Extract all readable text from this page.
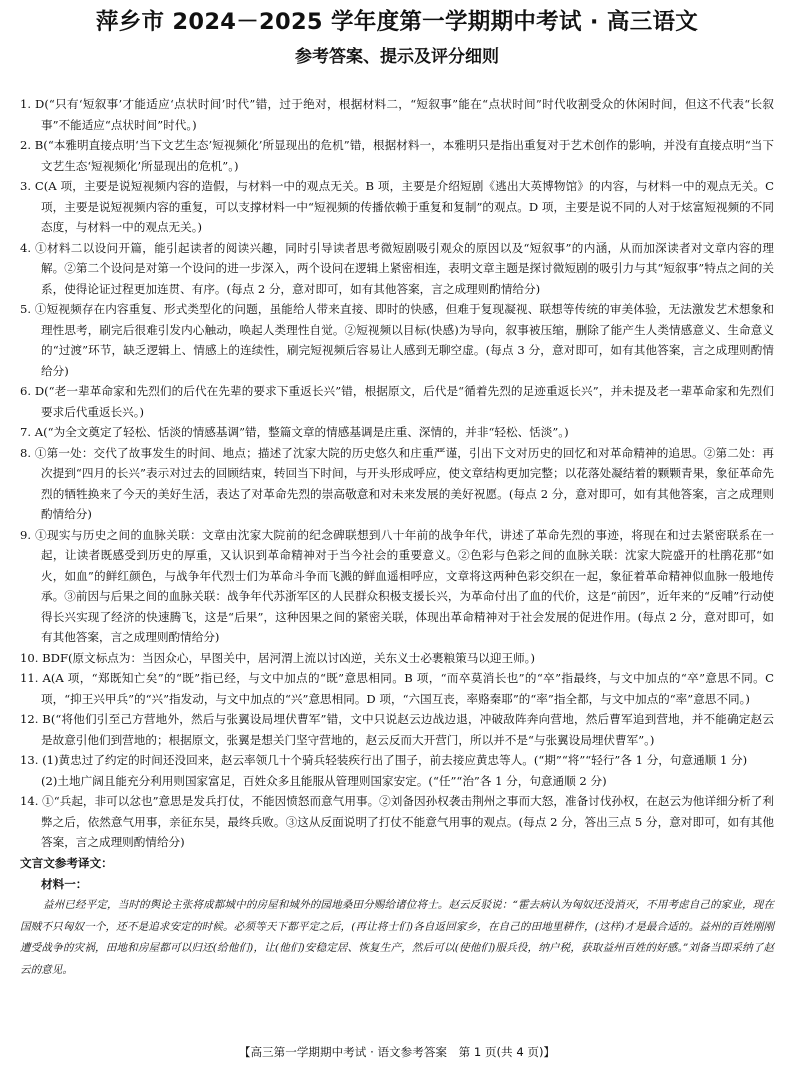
萍乡市 2024－2025 学年度第一学期期中考试 · 高三语文
参考答案、提示及评分细则

1. D(“只有‘短叙事’才能适应‘点状时间’时代”错，过于绝对，根据材料二，“短叙事”能在“点状时间”时代收割受众的休闲时间，但这不代表“长叙事”不能适应“点状时间”时代。)

2. B(“本雅明直接点明‘当下文艺生态’短视频化’所显现出的危机”错，根据材料一，本雅明只是指出重复对于艺术创作的影响，并没有直接点明“当下文艺生态‘短视频化’所显现出的危机”。)

3. C(A 项，主要是说短视频内容的造假，与材料一中的观点无关。B 项，主要是介绍短剧《逃出大英博物馆》的内容，与材料一中的观点无关。C 项，主要是说短视频内容的重复，可以支撑材料一中“短视频的传播依赖于重复和复制”的观点。D 项，主要是说不同的人对于炫富短视频的不同态度，与材料一中的观点无关。)

4. ①材料二以设问开篇，能引起读者的阅读兴趣，同时引导读者思考微短剧吸引观众的原因以及“短叙事”的内涵，从而加深读者对文章内容的理解。②第二个设问是对第一个设问的进一步深入，两个设问在逻辑上紧密相连，表明文章主题是探讨微短剧的吸引力与其“短叙事”特点之间的关系，使得论证过程更加连贯、有序。(每点 2 分，意对即可，如有其他答案，言之成理则酌情给分)

5. ①短视频存在内容重复、形式类型化的问题，虽能给人带来直接、即时的快感，但难于复现凝视、联想等传统的审美体验，无法激发艺术想象和理性思考，刷完后很难引发内心触动，唤起人类理性自觉。②短视频以目标(快感)为导向，叙事被压缩，删除了能产生人类情感意义、生命意义的“过渡”环节，缺乏逻辑上、情感上的连续性，刷完短视频后容易让人感到无聊空虚。(每点 3 分，意对即可，如有其他答案，言之成理则酌情给分)

6. D(“老一辈革命家和先烈们的后代在先辈的要求下重返长兴”错，根据原文，后代是“循着先烈的足迹重返长兴”，并未提及老一辈革命家和先烈们要求后代重返长兴。)

7. A(“为全文奠定了轻松、恬淡的情感基调”错，整篇文章的情感基调是庄重、深情的，并非“轻松、恬淡”。)

8. ①第一处：交代了故事发生的时间、地点；描述了沈家大院的历史悠久和庄重严谨，引出下文对历史的回忆和对革命精神的追思。②第二处：再次提到“四月的长兴”表示对过去的回顾结束，转回当下时间，与开头形成呼应，使文章结构更加完整；以花落处凝结着的颗颗青果，象征革命先烈的牺牲换来了今天的美好生活，表达了对革命先烈的崇高敬意和对未来发展的美好祝愿。(每点 2 分，意对即可，如有其他答案，言之成理则酌情给分)

9. ①现实与历史之间的血脉关联：文章由沈家大院前的纪念碑联想到八十年前的战争年代，讲述了革命先烈的事迹，将现在和过去紧密联系在一起，让读者既感受到历史的厚重，又认识到革命精神对于当今社会的重要意义。②色彩与色彩之间的血脉关联：沈家大院盛开的杜鹃花那“如火，如血”的鲜红颜色，与战争年代烈士们为革命斗争而飞溅的鲜血遥相呼应，文章将这两种色彩交织在一起，象征着革命精神似血脉一般地传承。③前因与后果之间的血脉关联：战争年代苏浙军区的人民群众积极支援长兴，为革命付出了血的代价，这是“前因”，近年来的“反哺”行动使得长兴实现了经济的快速腾飞，这是“后果”，这种因果之间的紧密关联，体现出革命精神对于社会发展的促进作用。(每点 2 分，意对即可，如有其他答案，言之成理则酌情给分)

10. BDF(原文标点为：当因众心，早图关中，居河渭上流以讨凶逆，关东义士必裹粮策马以迎王师。)

11. A(A 项，“郑既知亡矣”的“既”指已经，与文中加点的“既”意思相同。B 项，“而卒莫消长也”的“卒”指最终，与文中加点的“卒”意思不同。C 项，“抑王兴甲兵”的“兴”指发动，与文中加点的“兴”意思相同。D 项，“六国互丧，率赂秦耶”的“率”指全都，与文中加点的“率”意思不同。)

12. B(“将他们引至己方营地外，然后与张翼设局埋伏曹军”错，文中只说赵云边战边退，冲破敌阵奔向营地，然后曹军追到营地，并不能确定赵云是故意引他们到营地的；根据原文，张翼是想关门坚守营地的，赵云反而大开营门，所以并不是“与张翼设局埋伏曹军”。)

13. (1)黄忠过了约定的时间还没回来，赵云率领几十个骑兵轻装疾行出了围子，前去接应黄忠等人。(“期”“将”“轻行”各 1 分，句意通顺 1 分)

(2)土地广阔且能充分利用则国家富足，百姓众多且能服从管理则国家安定。(“任”“治”各 1 分，句意通顺 2 分)

14. ①“兵起，非可以忿也”意思是发兵打仗，不能因愤怒而意气用事。②刘备因孙权袭击荆州之事而大怒，准备讨伐孙权，在赵云为他详细分析了利弊之后，依然意气用事，亲征东吴，最终兵败。③这从反面说明了打仗不能意气用事的观点。(每点 2 分，答出三点 5 分，意对即可，如有其他答案，言之成理则酌情给分)

文言文参考译文：

材料一：

益州已经平定，当时的舆论主张将成都城中的房屋和城外的园地桑田分赐给诸位将士。赵云反驳说：“霍去病认为匈奴还没消灭，不用考虑自己的家业，现在国贼不只匈奴一个，还不是追求安定的时候。必须等天下都平定之后，(再让将士们)各自返回家乡，在自己的田地里耕作，(这样)才是最合适的。益州的百姓刚刚遭受战争的灾祸，田地和房屋都可以归还(给他们)，让(他们)安稳定居、恢复生产，然后可以(使他们)服兵役，纳户税，获取益州百姓的好感。”刘备当即采纳了赵云的意见。

【高三第一学期期中考试 · 语文参考答案　第 1 页(共 4 页)】
